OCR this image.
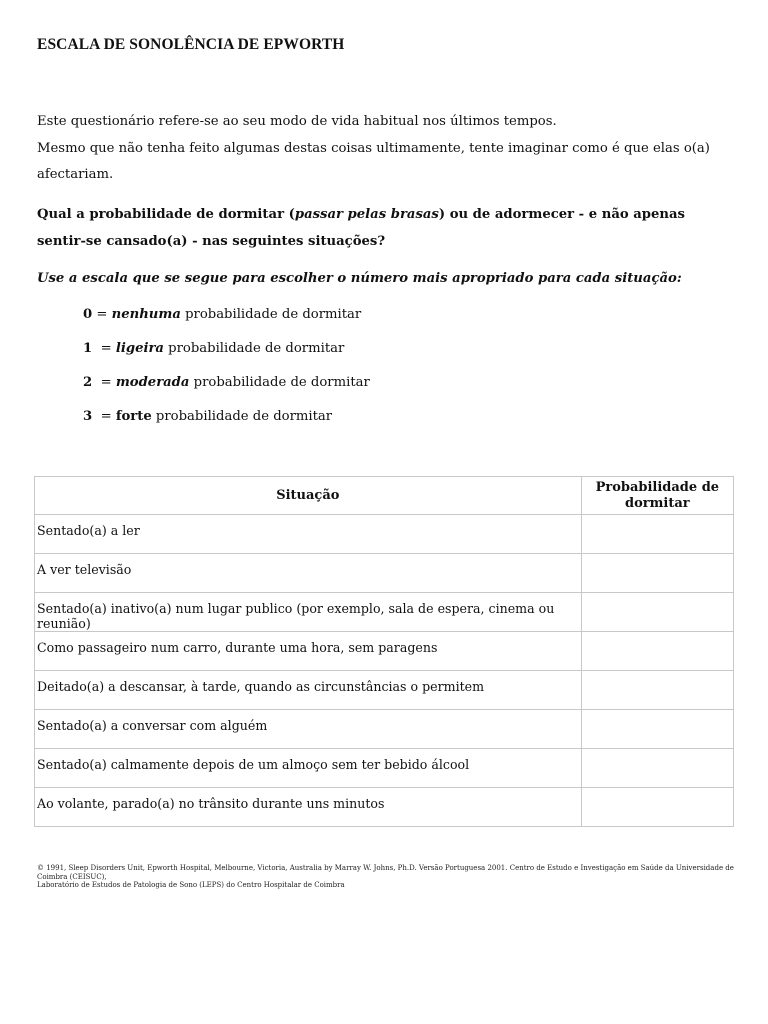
ESCALA DE SONOLÊNCIA DE EPWORTH

Este questionário refere-se ao seu modo de vida habitual nos últimos tempos.

Mesmo que não tenha feito algumas destas coisas ultimamente, tente imaginar como é que elas o(a) afectariam.

Qual a probabilidade de dormitar (passar pelas brasas) ou de adormecer - e não apenas sentir-se cansado(a) - nas seguintes situações?
Use a escala que se segue para escolher o número mais apropriado para cada situação:
0 = nenhuma probabilidade de dormitar
1  = ligeira probabilidade de dormitar
2  = moderada probabilidade de dormitar
3  = forte probabilidade de dormitar
Situação	Probabilidade de dormitar
Sentado(a) a ler	
A ver televisão	
Sentado(a) inativo(a) num lugar publico (por exemplo, sala de espera, cinema ou reunião)	
Como passageiro num carro, durante uma hora, sem paragens	
Deitado(a) a descansar, à tarde, quando as circunstâncias o permitem	
Sentado(a) a conversar com alguém	
Sentado(a) calmamente depois de um almoço sem ter bebido álcool	
Ao volante, parado(a) no trânsito durante uns minutos	

© 1991, Sleep Disorders Unit, Epworth Hospital, Melbourne, Victoria, Australia by Marray W. Johns, Ph.D. Versão Portuguesa 2001. Centro de Estudo e Investigação em Saúde da Universidade de Coimbra (CEISUC),

Laboratório de Estudos de Patologia de Sono (LEPS) do Centro Hospitalar de Coimbra
